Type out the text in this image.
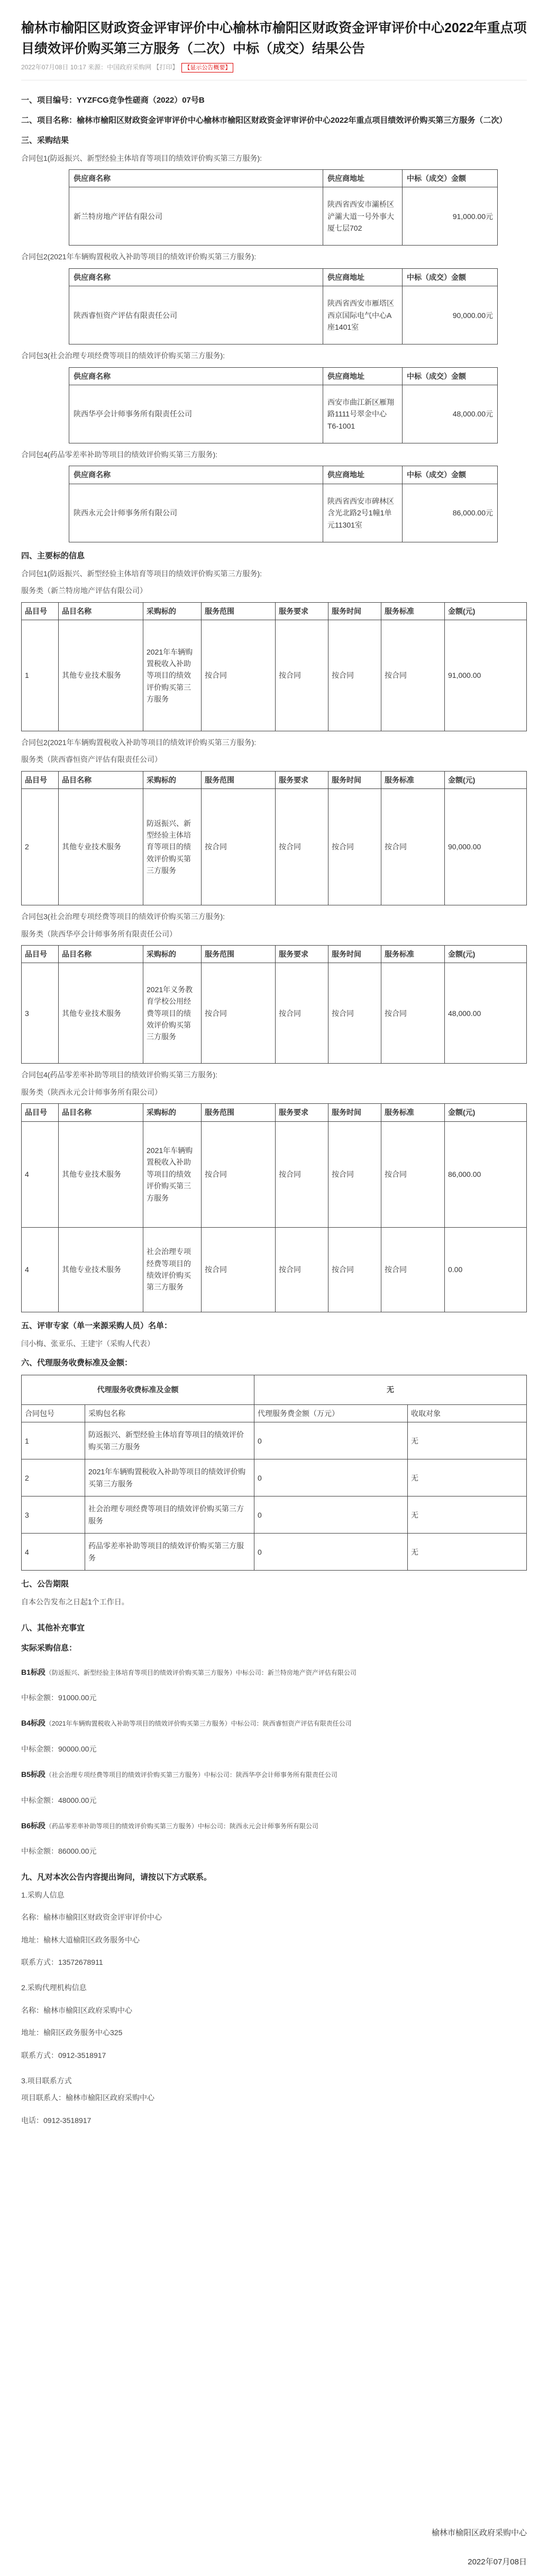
榆林市榆阳区财政资金评审评价中心榆林市榆阳区财政资金评审评价中心2022年重点项目绩效评价购买第三方服务（二次）中标（成交）结果公告
2022年07月08日 10:17 来源：中国政府采购网 【打印】 【显示公告概要】
一、项目编号：YYZFCG竞争性磋商（2022）07号B
二、项目名称：榆林市榆阳区财政资金评审评价中心榆林市榆阳区财政资金评审评价中心2022年重点项目绩效评价购买第三方服务（二次）
三、采购结果
合同包1(防返振兴、新型经验主体培育等项目的绩效评价购买第三方服务):
供应商名称	供应商地址	中标（成交）金额
新兰特房地产评估有限公司	陕西省西安市灞桥区浐灞大道一号外事大厦七层702	91,000.00元
合同包2(2021年车辆购置税收入补助等项目的绩效评价购买第三方服务):
供应商名称	供应商地址	中标（成交）金额
陕西睿恒资产评估有限责任公司	陕西省西安市雁塔区西京国际电气中心A座1401室	90,000.00元
合同包3(社会治理专项经费等项目的绩效评价购买第三方服务):
供应商名称	供应商地址	中标（成交）金额
陕西华亭会计师事务所有限责任公司	西安市曲江新区雁翔路1111号翠金中心T6-1001	48,000.00元
合同包4(药品零差率补助等项目的绩效评价购买第三方服务):
供应商名称	供应商地址	中标（成交）金额
陕西永元会计师事务所有限公司	陕西省西安市碑林区含光北路2号1幢1单元11301室	86,000.00元
四、主要标的信息
合同包1(防返振兴、新型经验主体培育等项目的绩效评价购买第三方服务):
服务类（新兰特房地产评估有限公司）
品目号	品目名称	采购标的	服务范围	服务要求	服务时间	服务标准	金额(元)
1	其他专业技术服务	2021年车辆购置税收入补助等项目的绩效评价购买第三方服务	按合同	按合同	按合同	按合同	91,000.00
合同包2(2021年车辆购置税收入补助等项目的绩效评价购买第三方服务):
服务类（陕西睿恒资产评估有限责任公司）
品目号	品目名称	采购标的	服务范围	服务要求	服务时间	服务标准	金额(元)
2	其他专业技术服务	防返振兴、新型经验主体培育等项目的绩效评价购买第三方服务	按合同	按合同	按合同	按合同	90,000.00
合同包3(社会治理专项经费等项目的绩效评价购买第三方服务):
服务类（陕西华亭会计师事务所有限责任公司）
品目号	品目名称	采购标的	服务范围	服务要求	服务时间	服务标准	金额(元)
3	其他专业技术服务	2021年义务教育学校公用经费等项目的绩效评价购买第三方服务	按合同	按合同	按合同	按合同	48,000.00
合同包4(药品零差率补助等项目的绩效评价购买第三方服务):
服务类（陕西永元会计师事务所有限公司）
品目号	品目名称	采购标的	服务范围	服务要求	服务时间	服务标准	金额(元)
4	其他专业技术服务	2021年车辆购置税收入补助等项目的绩效评价购买第三方服务	按合同	按合同	按合同	按合同	86,000.00
4	其他专业技术服务	社会治理专项经费等项目的绩效评价购买第三方服务	按合同	按合同	按合同	按合同	0.00
五、评审专家（单一来源采购人员）名单：
闫小梅、张亚乐、王建宇（采购人代表）
六、代理服务收费标准及金额：
代理服务收费标准及金额		无	
合同包号	采购包名称	代理服务费金额（万元）	收取对象
1	防返振兴、新型经验主体培育等项目的绩效评价购买第三方服务	0	无
2	2021年车辆购置税收入补助等项目的绩效评价购买第三方服务	0	无
3	社会治理专项经费等项目的绩效评价购买第三方服务	0	无
4	药品零差率补助等项目的绩效评价购买第三方服务	0	无
七、公告期限
自本公告发布之日起1个工作日。
八、其他补充事宜
实际采购信息：
B1标段（防返振兴、新型经验主体培育等项目的绩效评价购买第三方服务）中标公司：新兰特房地产资产评估有限公司
中标金额：91000.00元
B4标段（2021年车辆购置税收入补助等项目的绩效评价购买第三方服务）中标公司：陕西睿恒资产评估有限责任公司
中标金额：90000.00元
B5标段（社会治理专项经费等项目的绩效评价购买第三方服务）中标公司：陕西华亭会计师事务所有限责任公司
中标金额：48000.00元
B6标段（药品零差率补助等项目的绩效评价购买第三方服务）中标公司：陕西永元会计师事务所有限公司
中标金额：86000.00元
九、凡对本次公告内容提出询问，请按以下方式联系。
1.采购人信息
名称：榆林市榆阳区财政资金评审评价中心
地址：榆林大道榆阳区政务服务中心
联系方式：13572678911
2.采购代理机构信息
名称：榆林市榆阳区政府采购中心
地址：榆阳区政务服务中心325
联系方式：0912-3518917
3.项目联系方式
项目联系人：榆林市榆阳区政府采购中心
电话：0912-3518917
榆林市榆阳区政府采购中心
2022年07月08日
